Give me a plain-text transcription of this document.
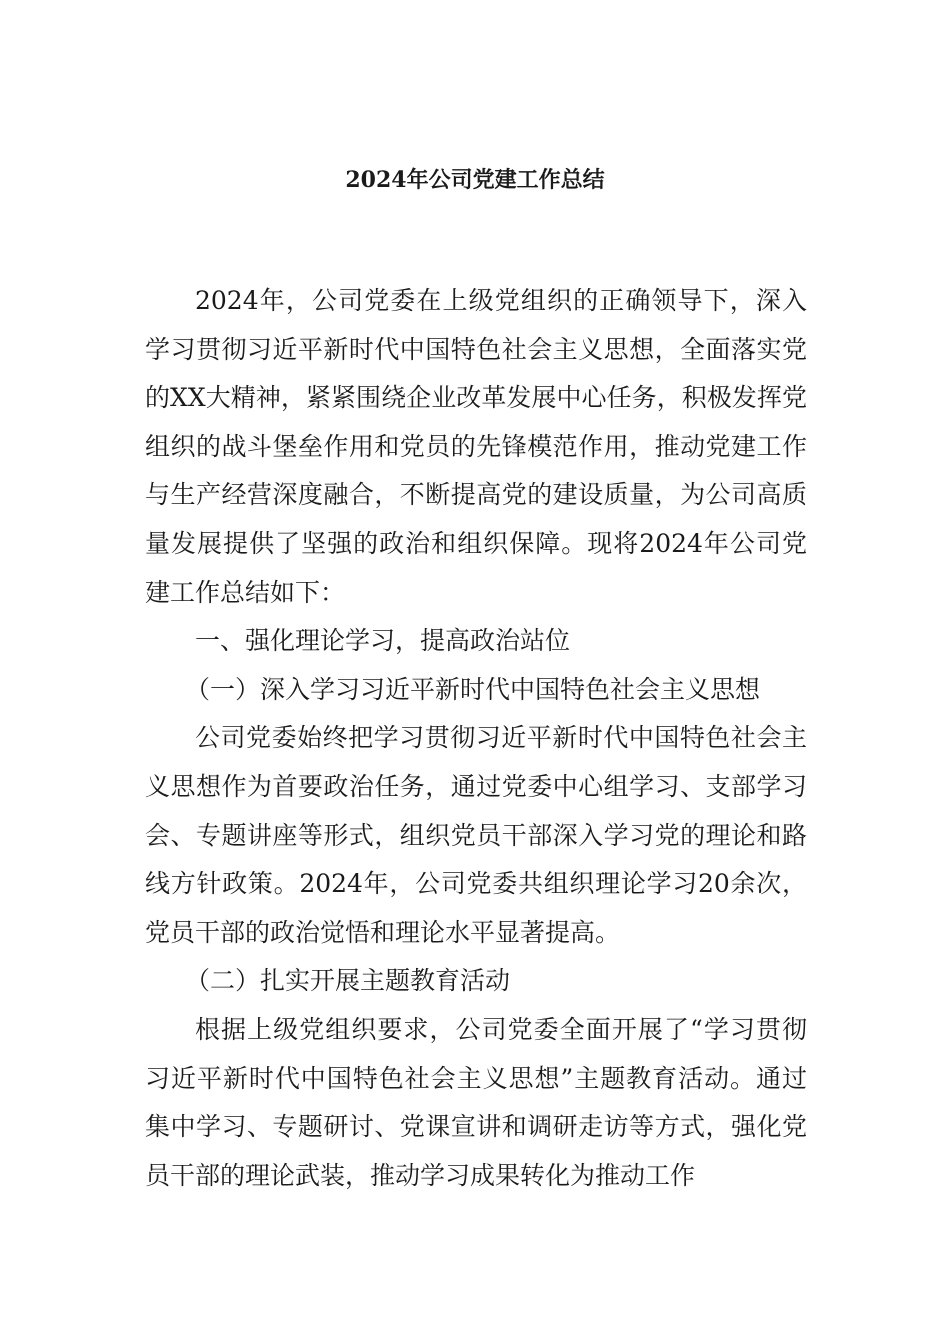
2024年公司党建工作总结

2024年，公司党委在上级党组织的正确领导下，深入学习贯彻习近平新时代中国特色社会主义思想，全面落实党的XX大精神，紧紧围绕企业改革发展中心任务，积极发挥党组织的战斗堡垒作用和党员的先锋模范作用，推动党建工作与生产经营深度融合，不断提高党的建设质量，为公司高质量发展提供了坚强的政治和组织保障。现将2024年公司党建工作总结如下：

一、强化理论学习，提高政治站位

（一）深入学习习近平新时代中国特色社会主义思想

公司党委始终把学习贯彻习近平新时代中国特色社会主义思想作为首要政治任务，通过党委中心组学习、支部学习会、专题讲座等形式，组织党员干部深入学习党的理论和路线方针政策。2024年，公司党委共组织理论学习20余次，党员干部的政治觉悟和理论水平显著提高。

（二）扎实开展主题教育活动

根据上级党组织要求，公司党委全面开展了“学习贯彻习近平新时代中国特色社会主义思想”主题教育活动。通过集中学习、专题研讨、党课宣讲和调研走访等方式，强化党员干部的理论武装，推动学习成果转化为推动工作
